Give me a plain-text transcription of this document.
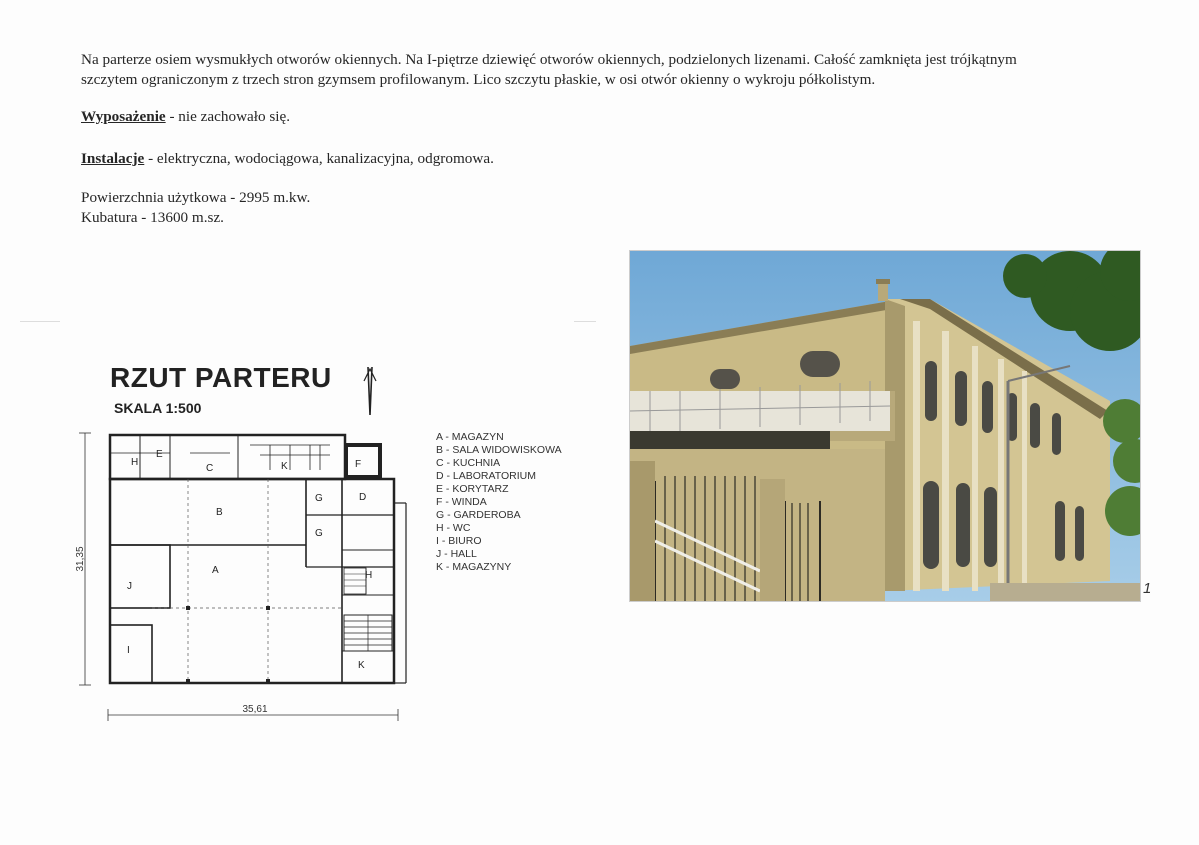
Na parterze osiem wysmukłych otworów okiennych. Na I-piętrze dziewięć otworów okiennych, podzielonych lizenami. Całość zamknięta jest trójkątnym
szczytem ograniczonym z trzech stron gzymsem profilowanym. Lico szczytu płaskie, w osi otwór okienny o wykroju półkolistym.
Wyposażenie - nie zachowało się.
Instalacje - elektryczna, wodociągowa, kanalizacyjna, odgromowa.
Powierzchnia użytkowa - 2995 m.kw.
Kubatura - 13600 m.sz.
RZUT PARTERU
SKALA 1:500
31,35
35,61
B
A
C
D
E
F
G
G
H
H
I
J
K
K
A - MAGAZYN
B - SALA WIDOWISKOWA
C - KUCHNIA
D - LABORATORIUM
E - KORYTARZ
F - WINDA
G - GARDEROBA
H - WC
I - BIURO
J - HALL
K - MAGAZYNY
1
